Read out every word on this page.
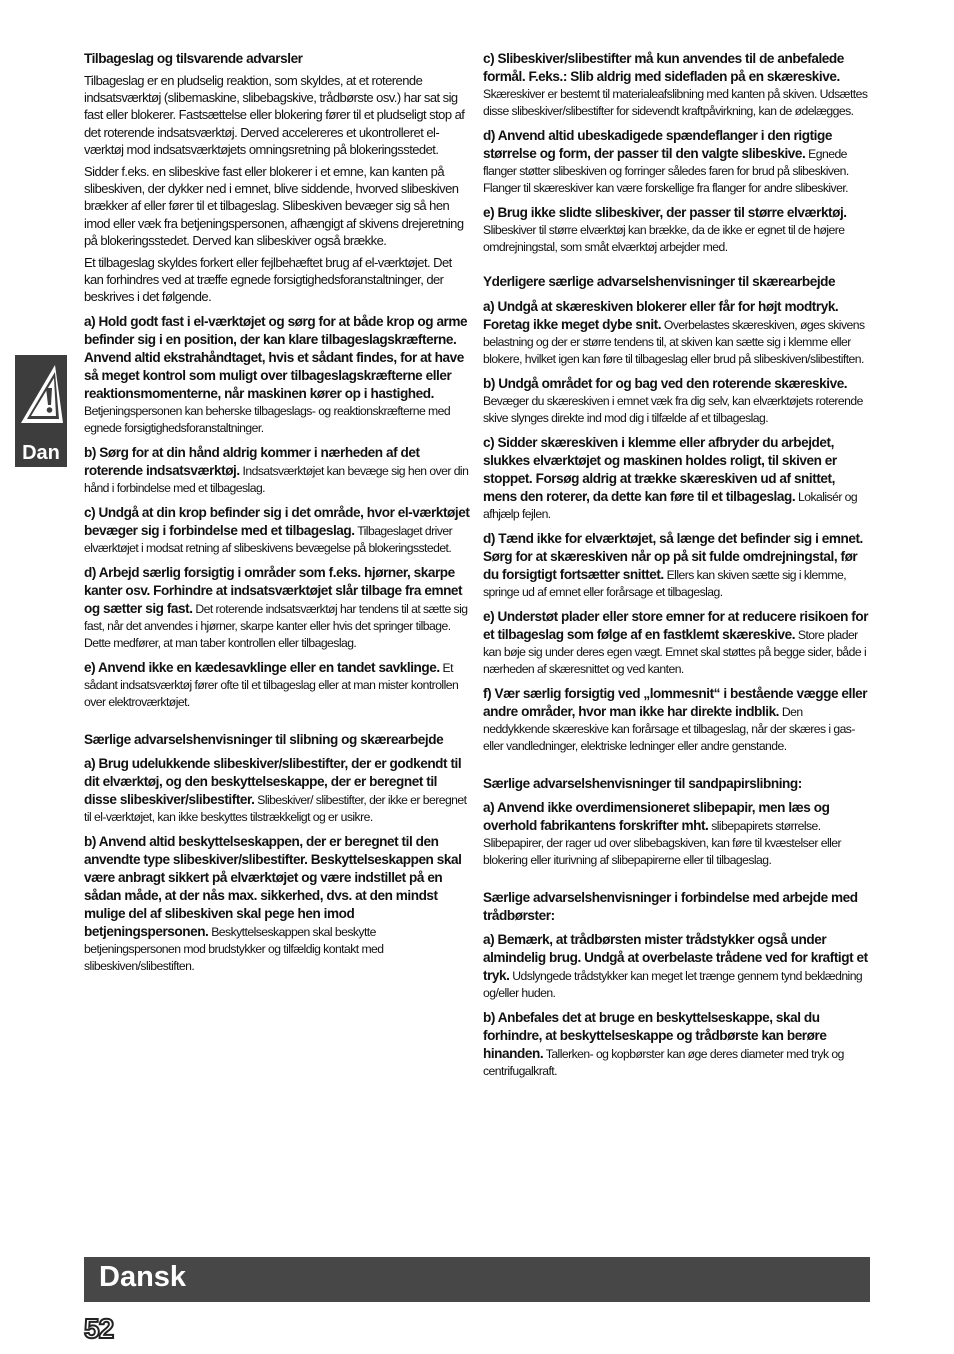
Tilbageslag og tilsvarende advarsler

Tilbageslag er en pludselig reaktion, som skyldes, at et roterende indsatsværktøj (slibemaskine, slibebagskive, trådbørste osv.) har sat sig fast eller blokerer. Fastsættelse eller blokering fører til et pludseligt stop af det roterende indsatsværktøj. Derved accelereres et ukontrolleret el-værktøj mod indsatsværktøjets omningsretning på blokeringsstedet.

Sidder f.eks. en slibeskive fast eller blokerer i et emne, kan kanten på slibeskiven, der dykker ned i emnet, blive siddende, hvorved slibeskiven brækker af eller fører til et tilbageslag. Slibeskiven bevæger sig så hen imod eller væk fra betjeningspersonen, afhængigt af skivens drejeretning på blokeringsstedet. Derved kan slibeskiver også brække.

Et tilbageslag skyldes forkert eller fejlbehæftet brug af el-værktøjet. Det kan forhindres ved at træffe egnede forsigtighedsforanstaltninger, der beskrives i det følgende.

a) Hold godt fast i el-værktøjet og sørg for at både krop og arme befinder sig i en position, der kan klare tilbageslagskræfterne. Anvend altid ekstrahåndtaget, hvis et sådant findes, for at have så meget kontrol som muligt over tilbageslagskræfterne eller reaktionsmomenterne, når maskinen kører op i hastighed. Betjeningspersonen kan beherske tilbageslags- og reaktionskræfterne med egnede forsigtighedsforanstaltninger.

b) Sørg for at din hånd aldrig kommer i nærheden af det roterende indsatsværktøj. Indsatsværktøjet kan bevæge sig hen over din hånd i forbindelse med et tilbageslag.

c) Undgå at din krop befinder sig i det område, hvor el-værktøjet bevæger sig i forbindelse med et tilbageslag. Tilbageslaget driver elværktøjet i modsat retning af slibeskivens bevægelse på blokeringsstedet.

d) Arbejd særlig forsigtig i områder som f.eks. hjørner, skarpe kanter osv. Forhindre at indsatsværktøjet slår tilbage fra emnet og sætter sig fast. Det roterende indsatsværktøj har tendens til at sætte sig fast, når det anvendes i hjørner, skarpe kanter eller hvis det springer tilbage. Dette medfører, at man taber kontrollen eller tilbageslag.

e) Anvend ikke en kædesavklinge eller en tandet savklinge. Et sådant indsatsværktøj fører ofte til et tilbageslag eller at man mister kontrollen over elektroværktøjet.

Særlige advarselshenvisninger til slibning og skærearbejde

a) Brug udelukkende slibeskiver/slibestifter, der er godkendt til dit elværktøj, og den beskyttelseskappe, der er beregnet til disse slibeskiver/slibestifter. Slibeskiver/ slibestifter, der ikke er beregnet til el-værktøjet, kan ikke beskyttes tilstrækkeligt og er usikre.

b) Anvend altid beskyttelseskappen, der er beregnet til den anvendte type slibeskiver/slibestifter. Beskyttelseskappen skal være anbragt sikkert på elværktøjet og være indstillet på en sådan måde, at der nås max. sikkerhed, dvs. at den mindst mulige del af slibeskiven skal pege hen imod betjeningspersonen. Beskyttelseskappen skal beskytte betjeningspersonen mod brudstykker og tilfældig kontakt med slibeskiven/slibestiften.

c) Slibeskiver/slibestifter må kun anvendes til de anbefalede formål. F.eks.: Slib aldrig med sidefladen på en skæreskive. Skæreskiver er bestemt til materialeafslibning med kanten på skiven. Udsættes disse slibeskiver/slibestifter for sidevendt kraftpåvirkning, kan de ødelægges.

d) Anvend altid ubeskadigede spændeflanger i den rigtige størrelse og form, der passer til den valgte slibeskive. Egnede flanger støtter slibeskiven og forringer således faren for brud på slibeskiven. Flanger til skæreskiver kan være forskellige fra flanger for andre slibeskiver.

e) Brug ikke slidte slibeskiver, der passer til større elværktøj. Slibeskiver til større elværktøj kan brække, da de ikke er egnet til de højere omdrejningstal, som småt elværktøj arbejder med.

Yderligere særlige advarselshenvisninger til skærearbejde

a) Undgå at skæreskiven blokerer eller får for højt modtryk. Foretag ikke meget dybe snit. Overbelastes skæreskiven, øges skivens belastning og der er større tendens til, at skiven kan sætte sig i klemme eller blokere, hvilket igen kan føre til tilbageslag eller brud på slibeskiven/slibestiften.

b) Undgå området for og bag ved den roterende skæreskive. Bevæger du skæreskiven i emnet væk fra dig selv, kan elværktøjets roterende skive slynges direkte ind mod dig i tilfælde af et tilbageslag.

c) Sidder skæreskiven i klemme eller afbryder du arbejdet, slukkes elværktøjet og maskinen holdes roligt, til skiven er stoppet. Forsøg aldrig at trække skæreskiven ud af snittet, mens den roterer, da dette kan føre til et tilbageslag. Lokalisér og afhjælp fejlen.

d) Tænd ikke for elværktøjet, så længe det befinder sig i emnet. Sørg for at skæreskiven når op på sit fulde omdrejningstal, før du forsigtigt fortsætter snittet. Ellers kan skiven sætte sig i klemme, springe ud af emnet eller forårsage et tilbageslag.

e) Understøt plader eller store emner for at reducere risikoen for et tilbageslag som følge af en fastklemt skæreskive. Store plader kan bøje sig under deres egen vægt. Emnet skal støttes på begge sider, både i nærheden af skæresnittet og ved kanten.

f) Vær særlig forsigtig ved „lommesnit“ i bestående vægge eller andre områder, hvor man ikke har direkte indblik. Den neddykkende skæreskive kan forårsage et tilbageslag, når der skæres i gas- eller vandledninger, elektriske ledninger eller andre genstande.

Særlige advarselshenvisninger til sandpapirslibning:

a) Anvend ikke overdimensioneret slibepapir, men læs og overhold fabrikantens forskrifter mht. slibepapirets størrelse. Slibepapirer, der rager ud over slibebagskiven, kan føre til kvæstelser eller blokering eller iturivning af slibepapirerne eller til tilbageslag.

Særlige advarselshenvisninger i forbindelse med arbejde med trådbørster:

a) Bemærk, at trådbørsten mister trådstykker også under almindelig brug. Undgå at overbelaste trådene ved for kraftigt et tryk. Udslyngede trådstykker kan meget let trænge gennem tynd beklædning og/eller huden.

b) Anbefales det at bruge en beskyttelseskappe, skal du forhindre, at beskyttelseskappe og trådbørste kan berøre hinanden. Tallerken- og kopbørster kan øge deres diameter med tryk og centrifugalkraft.

Dan
Dansk
52
